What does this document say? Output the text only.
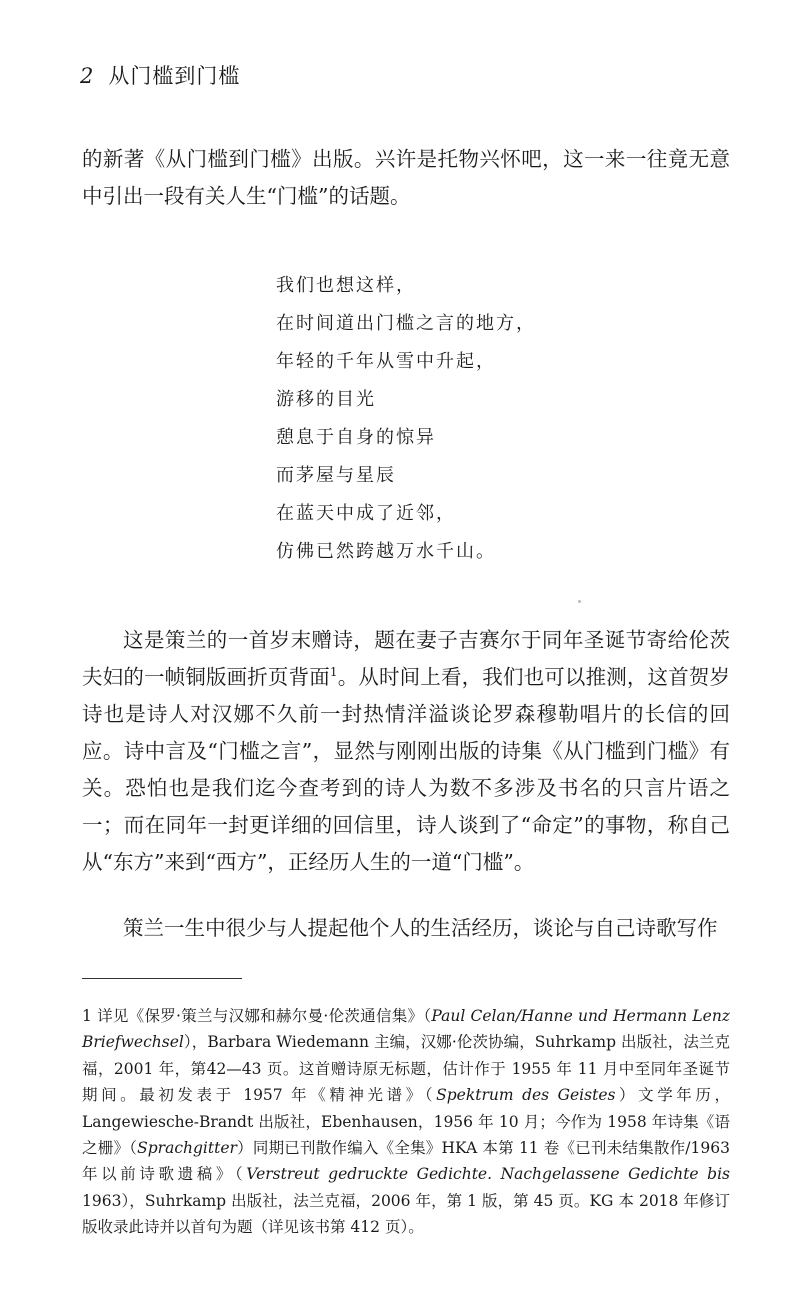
2 从门槛到门槛

的新著《从门槛到门槛》出版。兴许是托物兴怀吧，这一来一往竟无意中引出一段有关人生“门槛”的话题。

我们也想这样，
在时间道出门槛之言的地方，
年轻的千年从雪中升起，
游移的目光
憩息于自身的惊异
而茅屋与星辰
在蓝天中成了近邻，
仿佛已然跨越万水千山。

这是策兰的一首岁末赠诗，题在妻子吉赛尔于同年圣诞节寄给伦茨夫妇的一帧铜版画折页背面$^1$。从时间上看，我们也可以推测，这首贺岁诗也是诗人对汉娜不久前一封热情洋溢谈论罗森穆勒唱片的长信的回应。诗中言及“门槛之言”，显然与刚刚出版的诗集《从门槛到门槛》有关。恐怕也是我们迄今查考到的诗人为数不多涉及书名的只言片语之一；而在同年一封更详细的回信里，诗人谈到了“命定”的事物，称自己从“东方”来到“西方”，正经历人生的一道“门槛”。

策兰一生中很少与人提起他个人的生活经历，谈论与自己诗歌写作

1 详见《保罗·策兰与汉娜和赫尔曼·伦茨通信集》（Paul Celan/Hanne und Hermann Lenz Briefwechsel），Barbara Wiedemann 主编，汉娜·伦茨协编，Suhrkamp 出版社，法兰克福，2001 年，第42—43 页。这首赠诗原无标题，估计作于 1955 年 11 月中至同年圣诞节期间。最初发表于 1957 年《精神光谱》（Spektrum des Geistes）文学年历，Langewiesche-Brandt 出版社，Ebenhausen，1956 年 10 月；今作为 1958 年诗集《语之栅》（Sprachgitter）同期已刊散作编入《全集》HKA 本第 11 卷《已刊未结集散作/1963 年以前诗歌遗稿》（Verstreut gedruckte Gedichte. Nachgelassene Gedichte bis 1963），Suhrkamp 出版社，法兰克福，2006 年，第 1 版，第 45 页。KG 本 2018 年修订版收录此诗并以首句为题（详见该书第 412 页）。
